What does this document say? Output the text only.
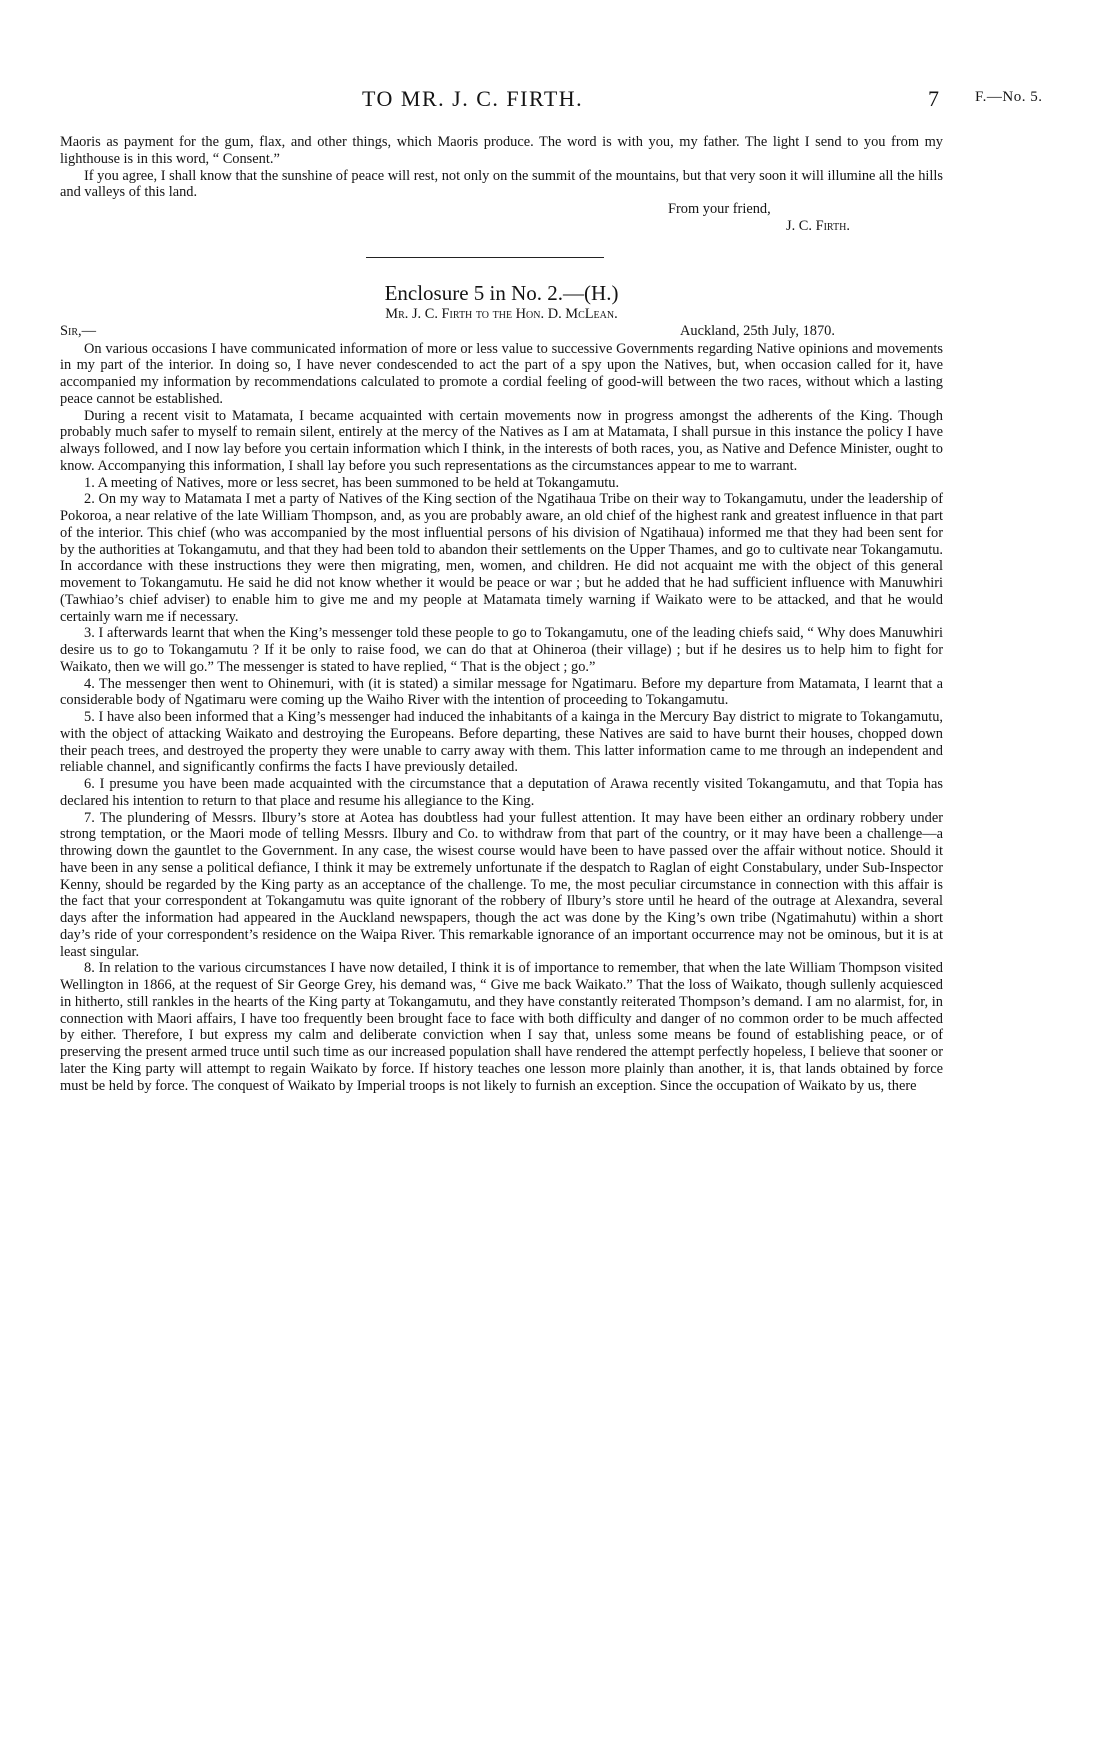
TO MR. J. C. FIRTH.	7 F.—No. 5.

Maoris as payment for the gum, flax, and other things, which Maoris produce. The word is with you, my father. The light I send to you from my lighthouse is in this word, “ Consent.”

If you agree, I shall know that the sunshine of peace will rest, not only on the summit of the mountains, but that very soon it will illumine all the hills and valleys of this land.

From your friend,

J. C. Firth.

Enclosure 5 in No. 2.—(H.)

Mr. J. C. Firth to the Hon. D. McLean.

Sir,—	Auckland, 25th July, 1870.

On various occasions I have communicated information of more or less value to successive Governments regarding Native opinions and movements in my part of the interior. In doing so, I have never condescended to act the part of a spy upon the Natives, but, when occasion called for it, have accompanied my information by recommendations calculated to promote a cordial feeling of good-will between the two races, without which a lasting peace cannot be established.

During a recent visit to Matamata, I became acquainted with certain movements now in progress amongst the adherents of the King. Though probably much safer to myself to remain silent, entirely at the mercy of the Natives as I am at Matamata, I shall pursue in this instance the policy I have always followed, and I now lay before you certain information which I think, in the interests of both races, you, as Native and Defence Minister, ought to know. Accompanying this information, I shall lay before you such representations as the circumstances appear to me to warrant.

1. A meeting of Natives, more or less secret, has been summoned to be held at Tokangamutu.

2. On my way to Matamata I met a party of Natives of the King section of the Ngatihaua Tribe on their way to Tokangamutu, under the leadership of Pokoroa, a near relative of the late William Thompson, and, as you are probably aware, an old chief of the highest rank and greatest influence in that part of the interior. This chief (who was accompanied by the most influential persons of his division of Ngatihaua) informed me that they had been sent for by the authorities at Tokangamutu, and that they had been told to abandon their settlements on the Upper Thames, and go to cultivate near Tokangamutu. In accordance with these instructions they were then migrating, men, women, and children. He did not acquaint me with the object of this general movement to Tokangamutu. He said he did not know whether it would be peace or war ; but he added that he had sufficient influence with Manuwhiri (Tawhiao’s chief adviser) to enable him to give me and my people at Matamata timely warning if Waikato were to be attacked, and that he would certainly warn me if necessary.

3. I afterwards learnt that when the King’s messenger told these people to go to Tokangamutu, one of the leading chiefs said, “ Why does Manuwhiri desire us to go to Tokangamutu ? If it be only to raise food, we can do that at Ohineroa (their village) ; but if he desires us to help him to fight for Waikato, then we will go.” The messenger is stated to have replied, “ That is the object ; go.”

4. The messenger then went to Ohinemuri, with (it is stated) a similar message for Ngatimaru. Before my departure from Matamata, I learnt that a considerable body of Ngatimaru were coming up the Waiho River with the intention of proceeding to Tokangamutu.

5. I have also been informed that a King’s messenger had induced the inhabitants of a kainga in the Mercury Bay district to migrate to Tokangamutu, with the object of attacking Waikato and destroying the Europeans. Before departing, these Natives are said to have burnt their houses, chopped down their peach trees, and destroyed the property they were unable to carry away with them. This latter information came to me through an independent and reliable channel, and significantly confirms the facts I have previously detailed.

6. I presume you have been made acquainted with the circumstance that a deputation of Arawa recently visited Tokangamutu, and that Topia has declared his intention to return to that place and resume his allegiance to the King.

7. The plundering of Messrs. Ilbury’s store at Aotea has doubtless had your fullest attention. It may have been either an ordinary robbery under strong temptation, or the Maori mode of telling Messrs. Ilbury and Co. to withdraw from that part of the country, or it may have been a challenge—a throwing down the gauntlet to the Government. In any case, the wisest course would have been to have passed over the affair without notice. Should it have been in any sense a political defiance, I think it may be extremely unfortunate if the despatch to Raglan of eight Constabulary, under Sub-Inspector Kenny, should be regarded by the King party as an acceptance of the challenge. To me, the most peculiar circumstance in connection with this affair is the fact that your correspondent at Tokangamutu was quite ignorant of the robbery of Ilbury’s store until he heard of the outrage at Alexandra, several days after the information had appeared in the Auckland newspapers, though the act was done by the King’s own tribe (Ngatimahutu) within a short day’s ride of your correspondent’s residence on the Waipa River. This remarkable ignorance of an important occurrence may not be ominous, but it is at least singular.

8. In relation to the various circumstances I have now detailed, I think it is of importance to remember, that when the late William Thompson visited Wellington in 1866, at the request of Sir George Grey, his demand was, “ Give me back Waikato.” That the loss of Waikato, though sullenly acquiesced in hitherto, still rankles in the hearts of the King party at Tokangamutu, and they have constantly reiterated Thompson’s demand. I am no alarmist, for, in connection with Maori affairs, I have too frequently been brought face to face with both difficulty and danger of no common order to be much affected by either. Therefore, I but express my calm and deliberate conviction when I say that, unless some means be found of establishing peace, or of preserving the present armed truce until such time as our increased population shall have rendered the attempt perfectly hopeless, I believe that sooner or later the King party will attempt to regain Waikato by force. If history teaches one lesson more plainly than another, it is, that lands obtained by force must be held by force. The conquest of Waikato by Imperial troops is not likely to furnish an exception. Since the occupation of Waikato by us, there
